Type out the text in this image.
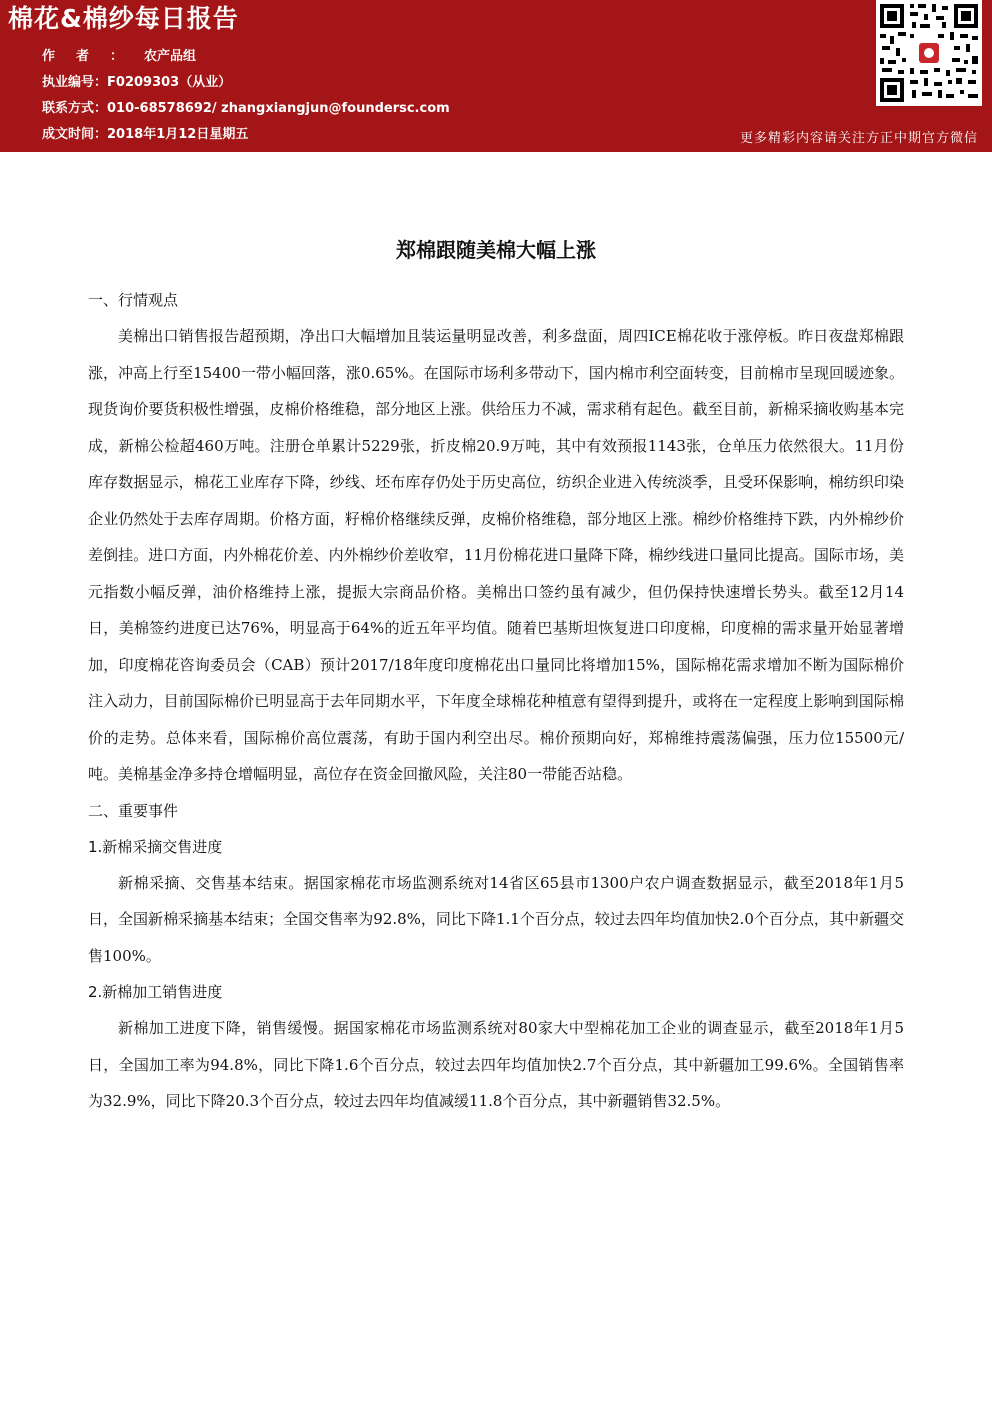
棉花&棉纱每日报告
作者：农产品组
执业编号：F0209303（从业）
联系方式：010-68578692/ zhangxiangjun@foundersc.com
成文时间：2018年1月12日星期五	更多精彩内容请关注方正中期官方微信
郑棉跟随美棉大幅上涨
一、行情观点

美棉出口销售报告超预期，净出口大幅增加且装运量明显改善，利多盘面，周四ICE棉花收于涨停板。昨日夜盘郑棉跟涨，冲高上行至15400一带小幅回落，涨0.65%。在国际市场利多带动下，国内棉市利空面转变，目前棉市呈现回暖迹象。现货询价要货积极性增强，皮棉价格维稳，部分地区上涨。供给压力不减，需求稍有起色。截至目前，新棉采摘收购基本完成，新棉公检超460万吨。注册仓单累计5229张，折皮棉20.9万吨，其中有效预报1143张，仓单压力依然很大。11月份库存数据显示，棉花工业库存下降，纱线、坯布库存仍处于历史高位，纺织企业进入传统淡季，且受环保影响，棉纺织印染企业仍然处于去库存周期。价格方面，籽棉价格继续反弹，皮棉价格维稳，部分地区上涨。棉纱价格维持下跌，内外棉纱价差倒挂。进口方面，内外棉花价差、内外棉纱价差收窄，11月份棉花进口量降下降，棉纱线进口量同比提高。国际市场，美元指数小幅反弹，油价格维持上涨，提振大宗商品价格。美棉出口签约虽有减少，但仍保持快速增长势头。截至12月14日，美棉签约进度已达76%，明显高于64%的近五年平均值。随着巴基斯坦恢复进口印度棉，印度棉的需求量开始显著增加，印度棉花咨询委员会（CAB）预计2017/18年度印度棉花出口量同比将增加15%，国际棉花需求增加不断为国际棉价注入动力，目前国际棉价已明显高于去年同期水平，下年度全球棉花种植意有望得到提升，或将在一定程度上影响到国际棉价的走势。总体来看，国际棉价高位震荡，有助于国内利空出尽。棉价预期向好，郑棉维持震荡偏强，压力位15500元/吨。美棉基金净多持仓增幅明显，高位存在资金回撤风险，关注80一带能否站稳。

二、重要事件
1.新棉采摘交售进度

新棉采摘、交售基本结束。据国家棉花市场监测系统对14省区65县市1300户农户调查数据显示，截至2018年1月5日，全国新棉采摘基本结束；全国交售率为92.8%，同比下降1.1个百分点，较过去四年均值加快2.0个百分点，其中新疆交售100%。

2.新棉加工销售进度

新棉加工进度下降，销售缓慢。据国家棉花市场监测系统对80家大中型棉花加工企业的调查显示，截至2018年1月5日，全国加工率为94.8%，同比下降1.6个百分点，较过去四年均值加快2.7个百分点，其中新疆加工99.6%。全国销售率为32.9%，同比下降20.3个百分点，较过去四年均值减缓11.8个百分点，其中新疆销售32.5%。
